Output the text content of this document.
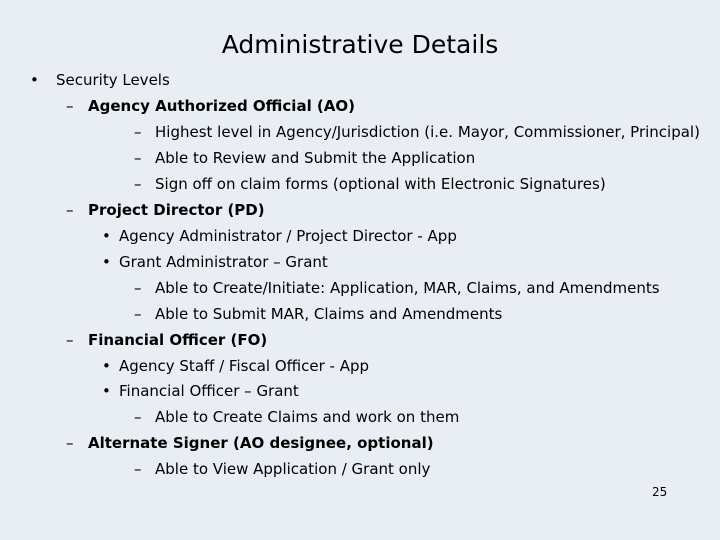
Administrative Details
• Security Levels
– Agency Authorized Official (AO)
– Highest level in Agency/Jurisdiction (i.e. Mayor, Commissioner, Principal)
– Able to Review and Submit the Application
– Sign off on claim forms (optional with Electronic Signatures)
– Project Director (PD)
• Agency Administrator / Project Director - App
• Grant Administrator – Grant
– Able to Create/Initiate: Application, MAR, Claims, and Amendments
– Able to Submit MAR, Claims and Amendments
– Financial Officer (FO)
• Agency Staff / Fiscal Officer - App
• Financial Officer – Grant
– Able to Create Claims and work on them
– Alternate Signer (AO designee, optional)
– Able to View Application / Grant only
25
